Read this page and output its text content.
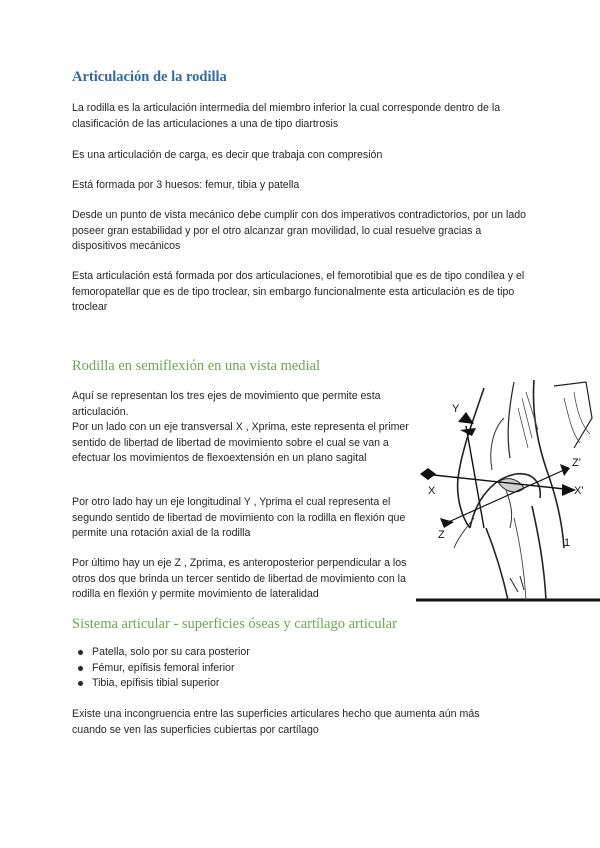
Articulación de la rodilla

La rodilla es la articulación intermedia del miembro inferior la cual corresponde dentro de la clasificación de las articulaciones a una de tipo diartrosis

Es una articulación de carga, es decir que trabaja con compresión

Está formada por 3 huesos: femur, tibia y patella

Desde un punto de vista mecánico debe cumplir con dos imperativos contradictorios, por un lado poseer gran estabilidad y por el otro alcanzar gran movilidad, lo cual resuelve gracias a dispositivos mecánicos

Esta articulación está formada por dos articulaciones, el femorotibial que es de tipo condílea y el femoropatellar que es de tipo troclear, sin embargo funcionalmente esta articulación es de tipo troclear

Rodilla en semiflexión en una vista medial

Aquí se representan los tres ejes de movimiento que permite esta articulación.
Por un lado con un eje transversal X , Xprima, este representa el primer sentido de libertad de libertad de movimiento sobre el cual se van a efectuar los movimientos de flexoextensión en un plano sagital

Por otro lado hay un eje longitudinal Y , Yprima el cual representa el segundo sentido de libertad de movimiento con la rodilla en flexión que permite una rotación axial de la rodilla

Por último hay un eje Z , Zprima, es anteroposterior perpendicular a los otros dos que brinda un tercer sentido de libertad de movimiento con la rodilla en flexión y permite movimiento de lateralidad

Y
X
Z
Z'
X'
1
Sistema articular - superficies óseas y cartílago articular
Patella, solo por su cara posterior
Fémur, epífisis femoral inferior
Tibia, epífisis tibial superior

Existe una incongruencia entre las superficies articulares hecho que aumenta aún más cuando se ven las superficies cubiertas por cartílago
